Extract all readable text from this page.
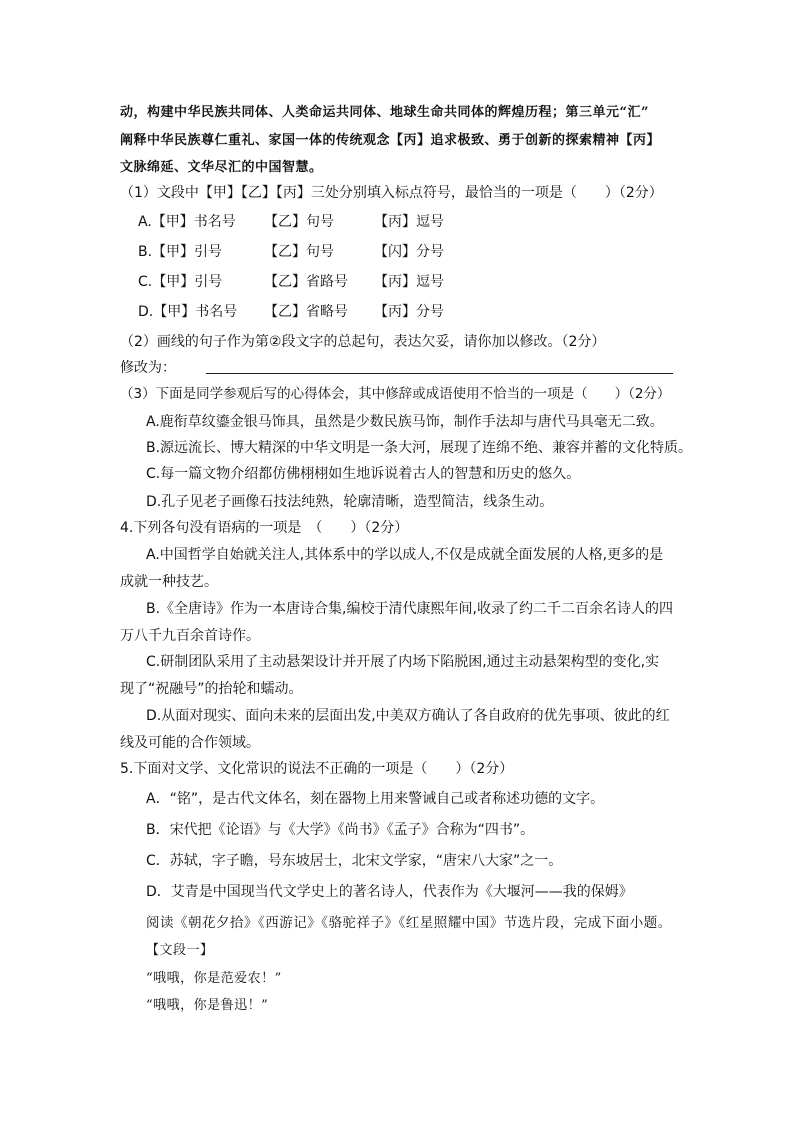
动，构建中华民族共同体、人类命运共同体、地球生命共同体的辉煌历程；第三单元“汇”
阐释中华民族尊仁重礼、家国一体的传统观念【丙】追求极致、勇于创新的探索精神【丙】
文脉绵延、文华尽汇的中国智慧。
（1）文段中【甲】【乙】【丙】三处分别填入标点符号，最恰当的一项是（　　）（2分）
A.【甲】书名号 【乙】句号	【丙】逗号
B.【甲】引号	【乙】句号	【闪】分号
C.【甲】引号	【乙】省路号 【丙】逗号
D.【甲】书名号 【乙】省略号 【丙】分号
（2）画线的句子作为第②段文字的总起句，表达欠妥，请你加以修改。（2分）
修改为：
（3）下面是同学参观后写的心得体会，其中修辞或成语使用不恰当的一项是（　　）（2分）
A.鹿衔草纹鎏金银马饰具，虽然是少数民族马饰，制作手法却与唐代马具毫无二致。
B.源远流长、博大精深的中华文明是一条大河，展现了连绵不绝、兼容并蓄的文化特质。
C.每一篇文物介绍都仿佛栩栩如生地诉说着古人的智慧和历史的悠久。
D.孔子见老子画像石技法纯熟，轮廓清晰，造型简洁，线条生动。
4.下列各句没有语病的一项是　（　　）（2分）
A.中国哲学自始就关注人,其体系中的学以成人,不仅是成就全面发展的人格,更多的是
成就一种技艺。
B.《全唐诗》作为一本唐诗合集,编校于清代康熙年间,收录了约二千二百余名诗人的四
万八千九百余首诗作。
C.研制团队采用了主动悬架设计并开展了内场下陷脱困,通过主动悬架构型的变化,实
现了“祝融号”的抬轮和蠕动。
D.从面对现实、面向未来的层面出发,中美双方确认了各自政府的优先事项、彼此的红
线及可能的合作领域。
5.下面对文学、文化常识的说法不正确的一项是（　　）（2分）
A．“铭”，是古代文体名，刻在器物上用来警诫自己或者称述功德的文字。
B．宋代把《论语》与《大学》《尚书》《孟子》合称为“四书”。
C．苏轼，字子瞻，号东坡居士，北宋文学家，“唐宋八大家”之一。
D．艾青是中国现当代文学史上的著名诗人，代表作为《大堰河——我的保姆》
阅读《朝花夕拾》《西游记》《骆驼祥子》《红星照耀中国》节选片段，完成下面小题。
【文段一】
“哦哦，你是范爱农！”
“哦哦，你是鲁迅！”
